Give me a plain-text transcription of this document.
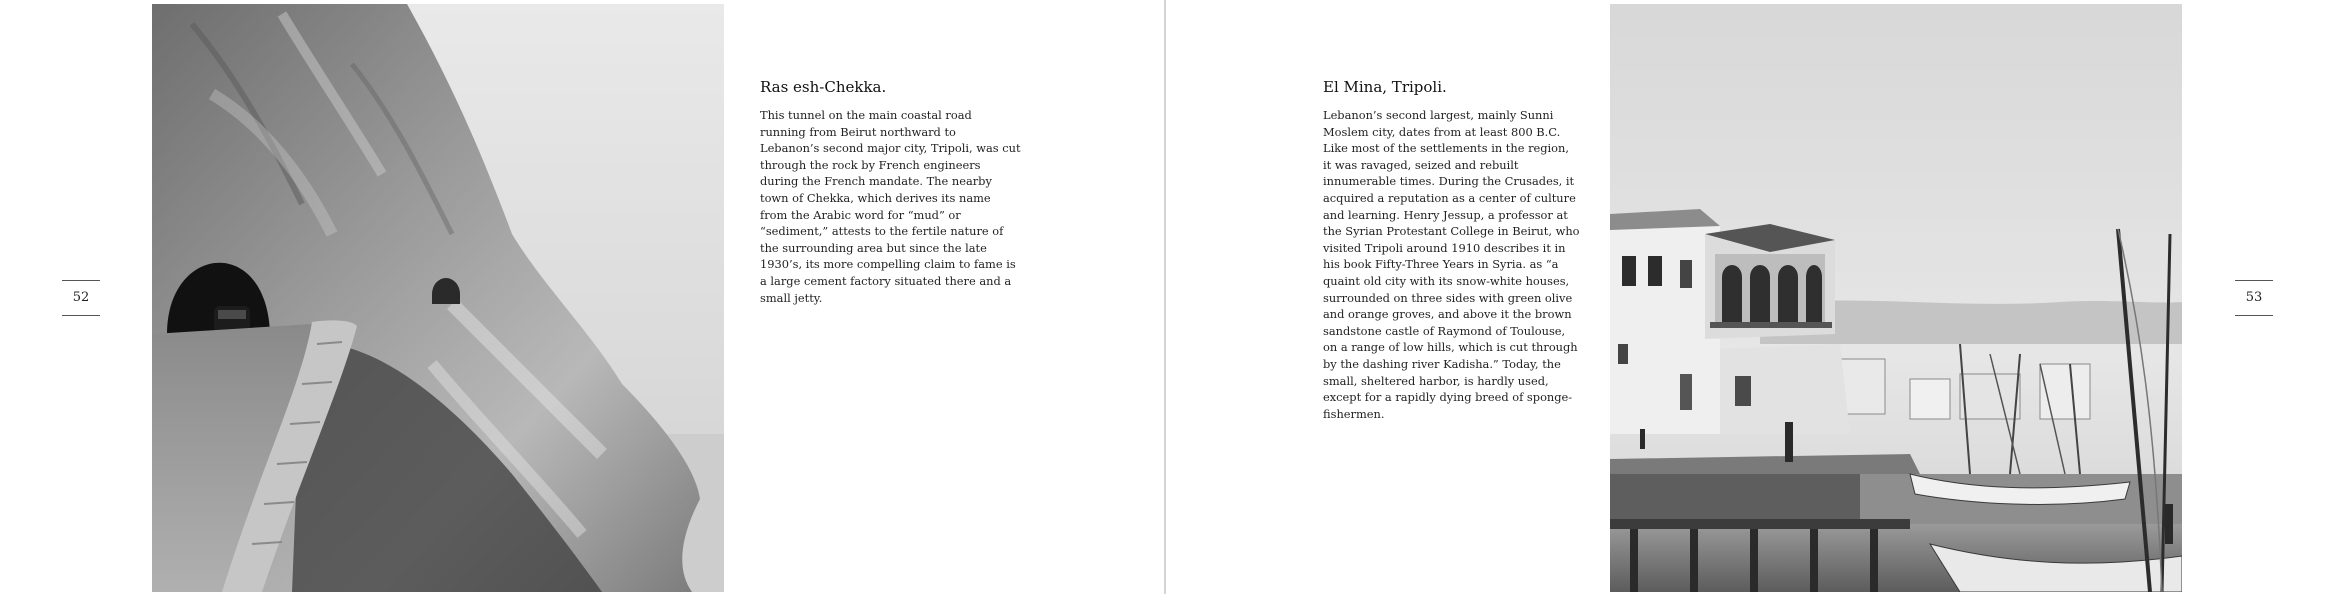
Ras esh-Chekka.

This tunnel on the main coastal road
running from Beirut northward to
Lebanon’s second major city, Tripoli, was cut
through the rock by French engineers
during the French mandate. The nearby
town of Chekka, which derives its name
from the Arabic word for “mud” or
“sediment,” attests to the fertile nature of
the surrounding area but since the late
1930’s, its more compelling claim to fame is
a large cement factory situated there and a
small jetty.

El Mina, Tripoli.

Lebanon’s second largest, mainly Sunni
Moslem city, dates from at least 800 B.C.
Like most of the settlements in the region,
it was ravaged, seized and rebuilt
innumerable times. During the Crusades, it
acquired a reputation as a center of culture
and learning. Henry Jessup, a professor at
the Syrian Protestant College in Beirut, who
visited Tripoli around 1910 describes it in
his book Fifty-Three Years in Syria. as “a
quaint old city with its snow-white houses,
surrounded on three sides with green olive
and orange groves, and above it the brown
sandstone castle of Raymond of Toulouse,
on a range of low hills, which is cut through
by the dashing river Kadisha.” Today, the
small, sheltered harbor, is hardly used,
except for a rapidly dying breed of sponge-
fishermen.

52	53
